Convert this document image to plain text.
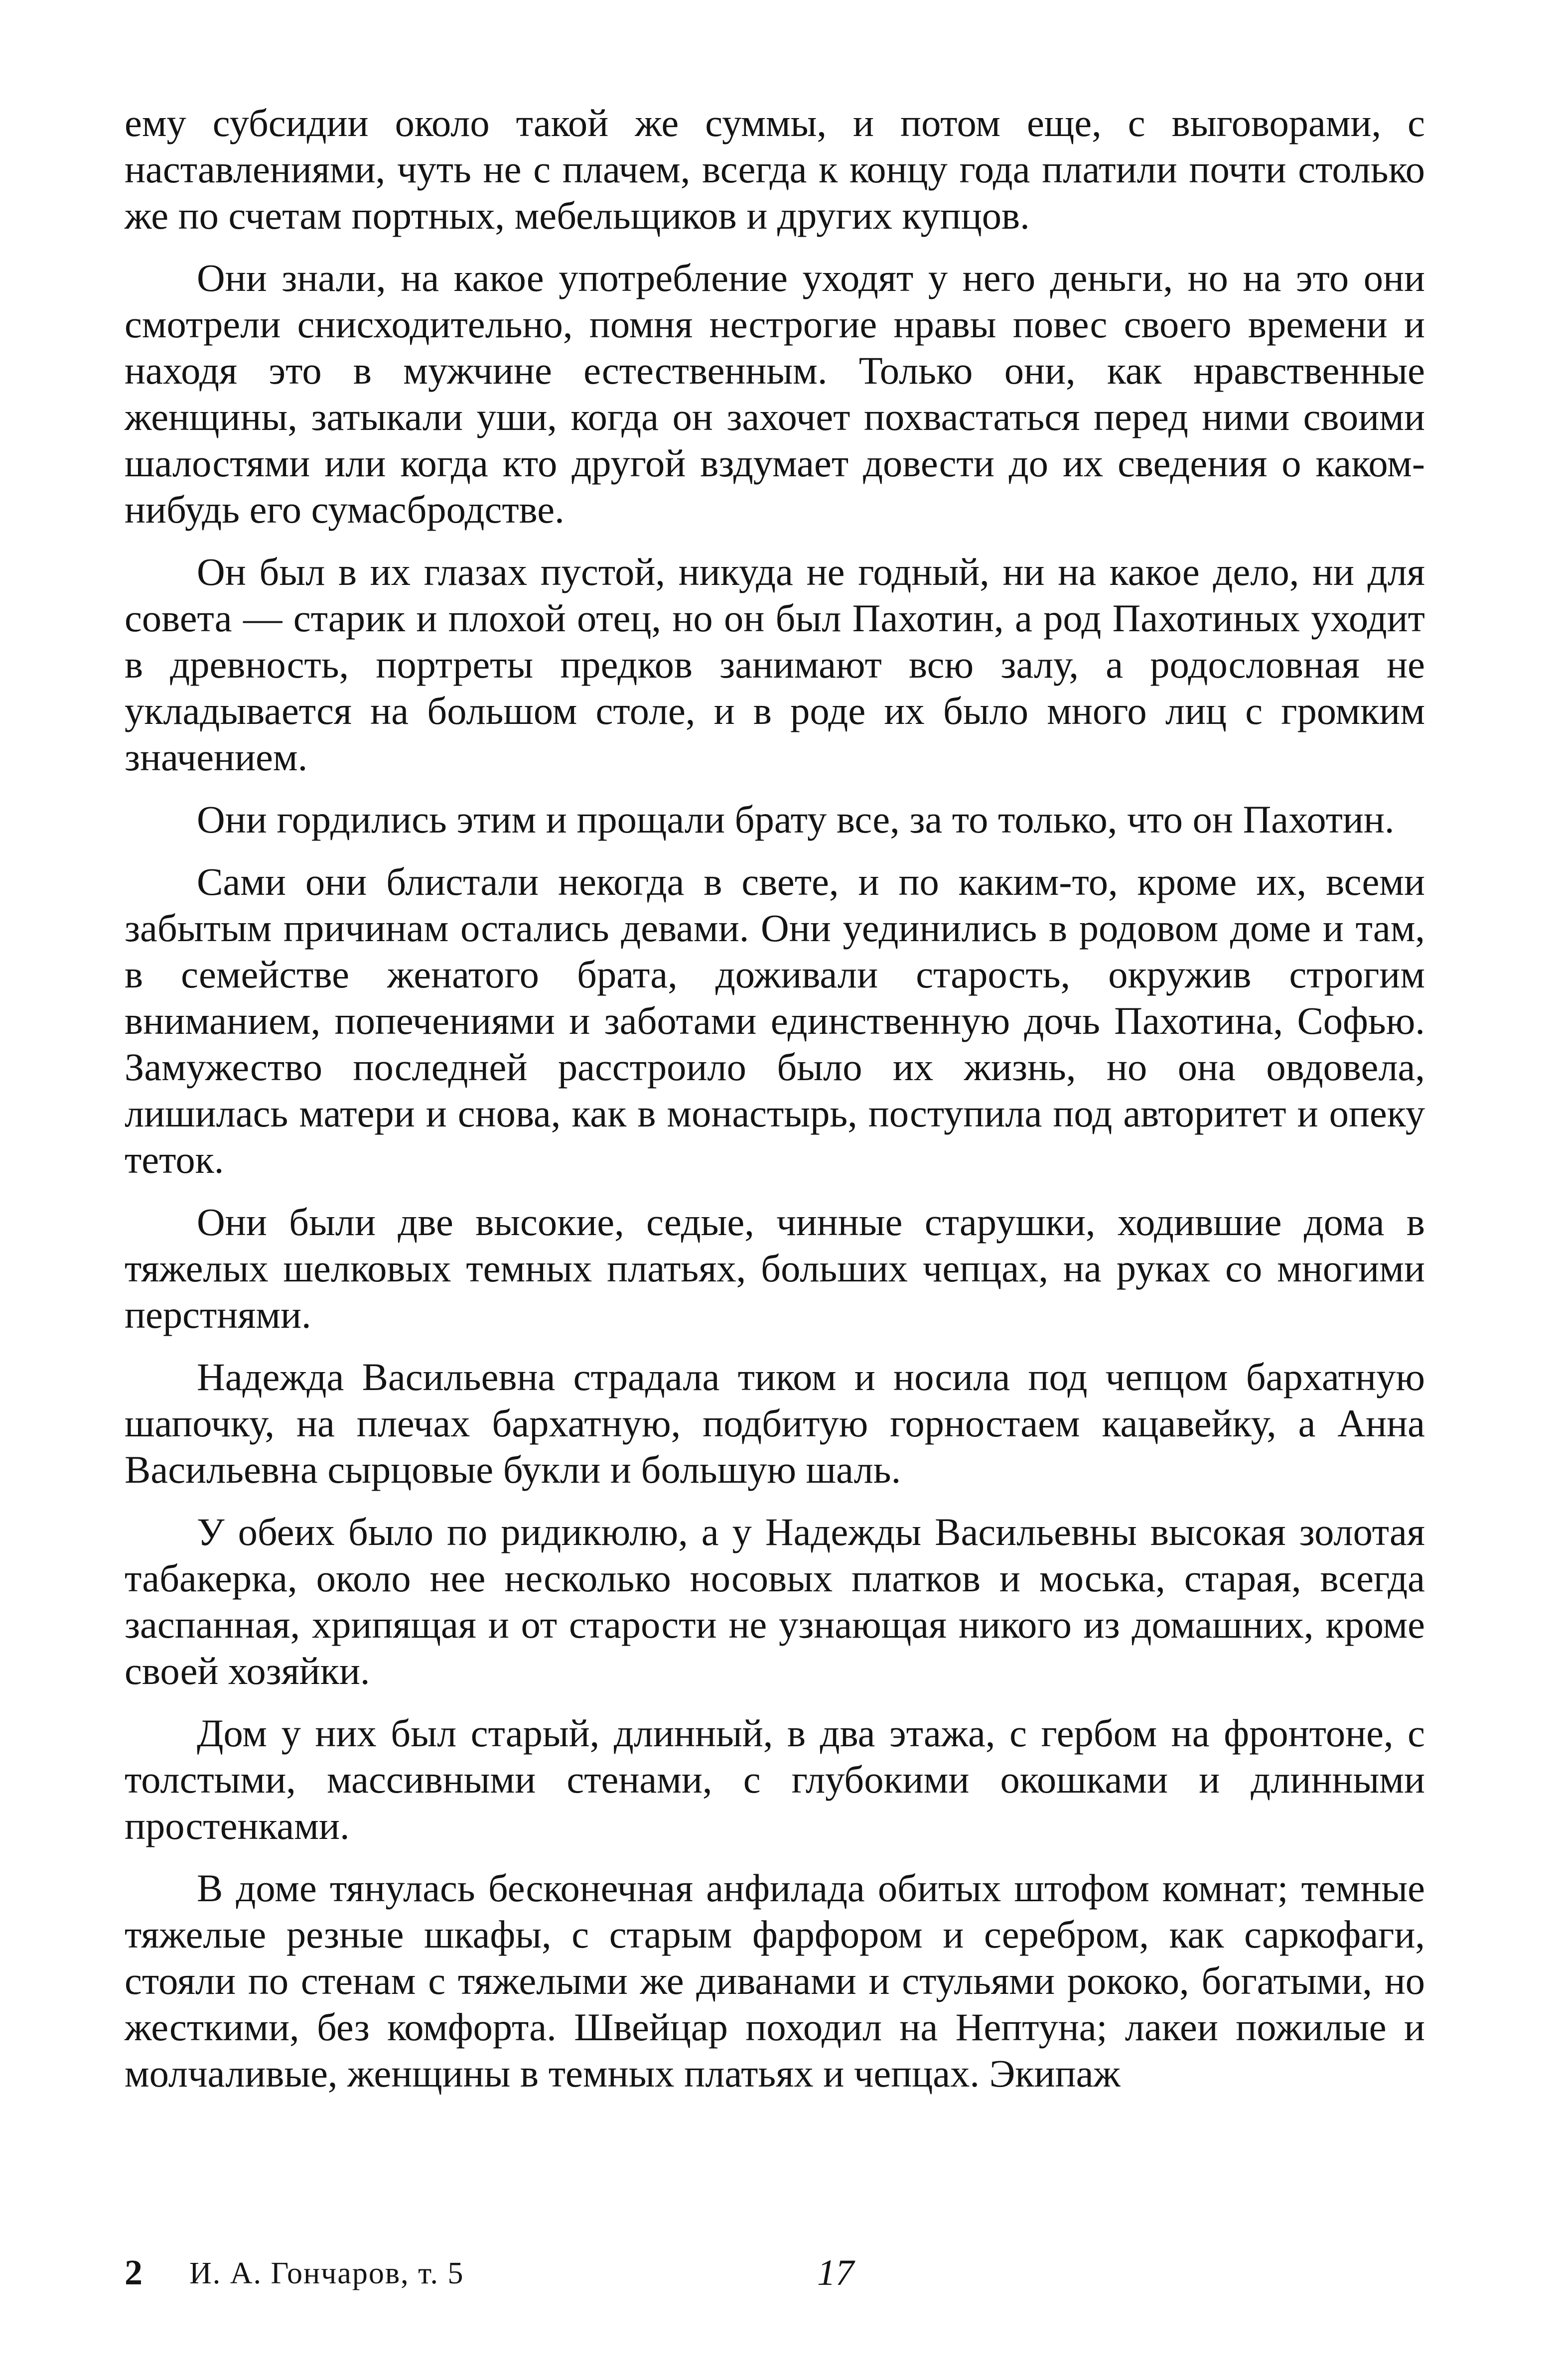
ему субсидии около такой же суммы, и потом еще, с выговорами, с наставлениями, чуть не с плачем, всегда к концу года платили почти столько же по счетам портных, мебельщиков и других купцов.

Они знали, на какое употребление уходят у него деньги, но на это они смотрели снисходительно, помня нестрогие нравы повес своего времени и находя это в мужчине естественным. Только они, как нравственные женщины, затыкали уши, когда он захочет похвастаться перед ними своими шалостями или когда кто другой вздумает довести до их сведения о каком-нибудь его сумасбродстве.

Он был в их глазах пустой, никуда не годный, ни на какое дело, ни для совета — старик и плохой отец, но он был Пахотин, а род Пахотиных уходит в древность, портреты предков занимают всю залу, а родословная не укладывается на большом столе, и в роде их было много лиц с громким значением.

Они гордились этим и прощали брату все, за то только, что он Пахотин.

Сами они блистали некогда в свете, и по каким-то, кроме их, всеми забытым причинам остались девами. Они уединились в родовом доме и там, в семействе женатого брата, доживали старость, окружив строгим вниманием, попечениями и заботами единственную дочь Пахотина, Софью. Замужество последней расстроило было их жизнь, но она овдовела, лишилась матери и снова, как в монастырь, поступила под авторитет и опеку теток.

Они были две высокие, седые, чинные старушки, ходившие дома в тяжелых шелковых темных платьях, больших чепцах, на руках со многими перстнями.

Надежда Васильевна страдала тиком и носила под чепцом бархатную шапочку, на плечах бархатную, подбитую горностаем кацавейку, а Анна Васильевна сырцовые букли и большую шаль.

У обеих было по ридикюлю, а у Надежды Васильевны высокая золотая табакерка, около нее несколько носовых платков и моська, старая, всегда заспанная, хрипящая и от старости не узнающая никого из домашних, кроме своей хозяйки.

Дом у них был старый, длинный, в два этажа, с гербом на фронтоне, с толстыми, массивными стенами, с глубокими окошками и длинными простенками.

В доме тянулась бесконечная анфилада обитых штофом комнат; темные тяжелые резные шкафы, с старым фарфором и серебром, как саркофаги, стояли по стенам с тяжелыми же диванами и стульями рококо, богатыми, но жесткими, без комфорта. Швейцар походил на Нептуна; лакеи пожилые и молчаливые, женщины в темных платьях и чепцах. Экипаж

2 И. А. Гончаров, т. 5	17
